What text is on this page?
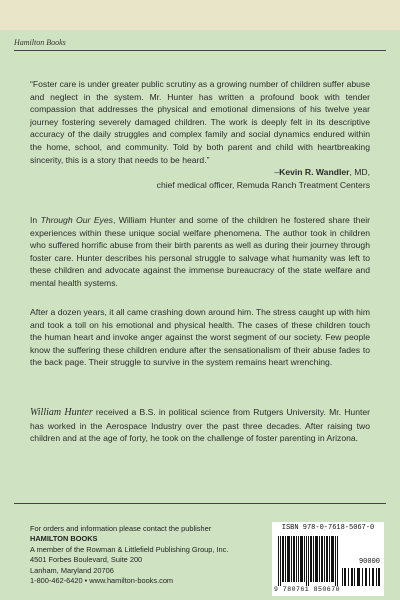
Hamilton Books
“Foster care is under greater public scrutiny as a growing number of children suffer abuse and neglect in the system. Mr. Hunter has written a profound book with tender compassion that addresses the physical and emotional dimensions of his twelve year journey fostering severely damaged children. The work is deeply felt in its descriptive accuracy of the daily struggles and complex family and social dynamics endured within the home, school, and community. Told by both parent and child with heartbreaking sincerity, this is a story that needs to be heard.”
–Kevin R. Wandler, MD,
chief medical officer, Remuda Ranch Treatment Centers
In Through Our Eyes, William Hunter and some of the children he fostered share their experiences within these unique social welfare phenomena. The author took in children who suffered horrific abuse from their birth parents as well as during their journey through foster care. Hunter describes his personal struggle to salvage what humanity was left to these children and advocate against the immense bureaucracy of the state welfare and mental health systems.
After a dozen years, it all came crashing down around him. The stress caught up with him and took a toll on his emotional and physical health. The cases of these children touch the human heart and invoke anger against the worst segment of our society. Few people know the suffering these children endure after the sensationalism of their abuse fades to the back page. Their struggle to survive in the system remains heart wrenching.
William Hunter received a B.S. in political science from Rutgers University. Mr. Hunter has worked in the Aerospace Industry over the past three decades. After raising two children and at the age of forty, he took on the challenge of foster parenting in Arizona.
For orders and information please contact the publisher
HAMILTON BOOKS
A member of the Rowman & Littlefield Publishing Group, Inc.
4501 Forbes Boulevard, Suite 200
Lanham, Maryland 20706
1-800-462-6420 • www.hamilton-books.com
ISBN 978-0-7618-5067-0
90000
9 780761 850670
